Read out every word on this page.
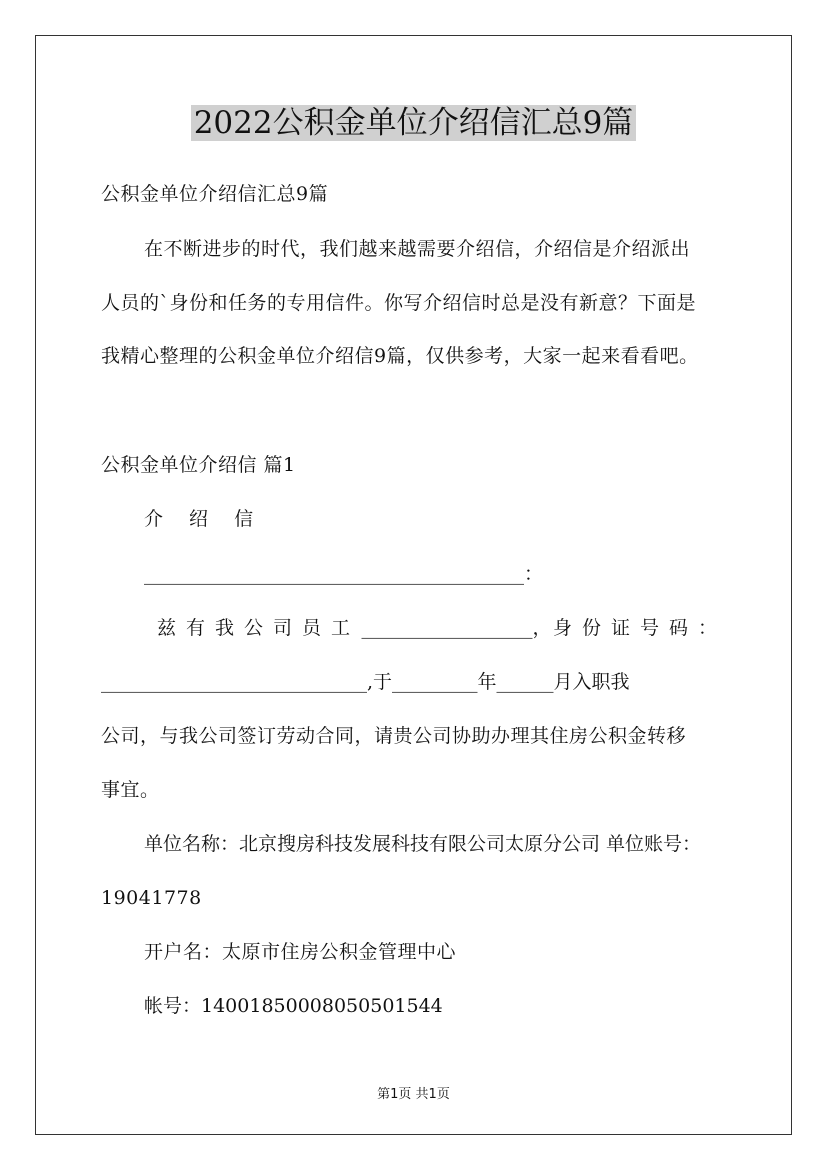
2022公积金单位介绍信汇总9篇
公积金单位介绍信汇总9篇
在不断进步的时代，我们越来越需要介绍信，介绍信是介绍派出
人员的`身份和任务的专用信件。你写介绍信时总是没有新意？下面是
我精心整理的公积金单位介绍信9篇，仅供参考，大家一起来看看吧。
公积金单位介绍信 篇1
介 绍 信
________________________________________：
兹有我公司员工 __________________， 身份证号码：
____________________________,于_________年______月入职我
公司，与我公司签订劳动合同，请贵公司协助办理其住房公积金转移
事宜。
单位名称：北京搜房科技发展科技有限公司太原分公司 单位账号：
19041778
开户名：太原市住房公积金管理中心
帐号：14001850008050501544
第1页 共1页
